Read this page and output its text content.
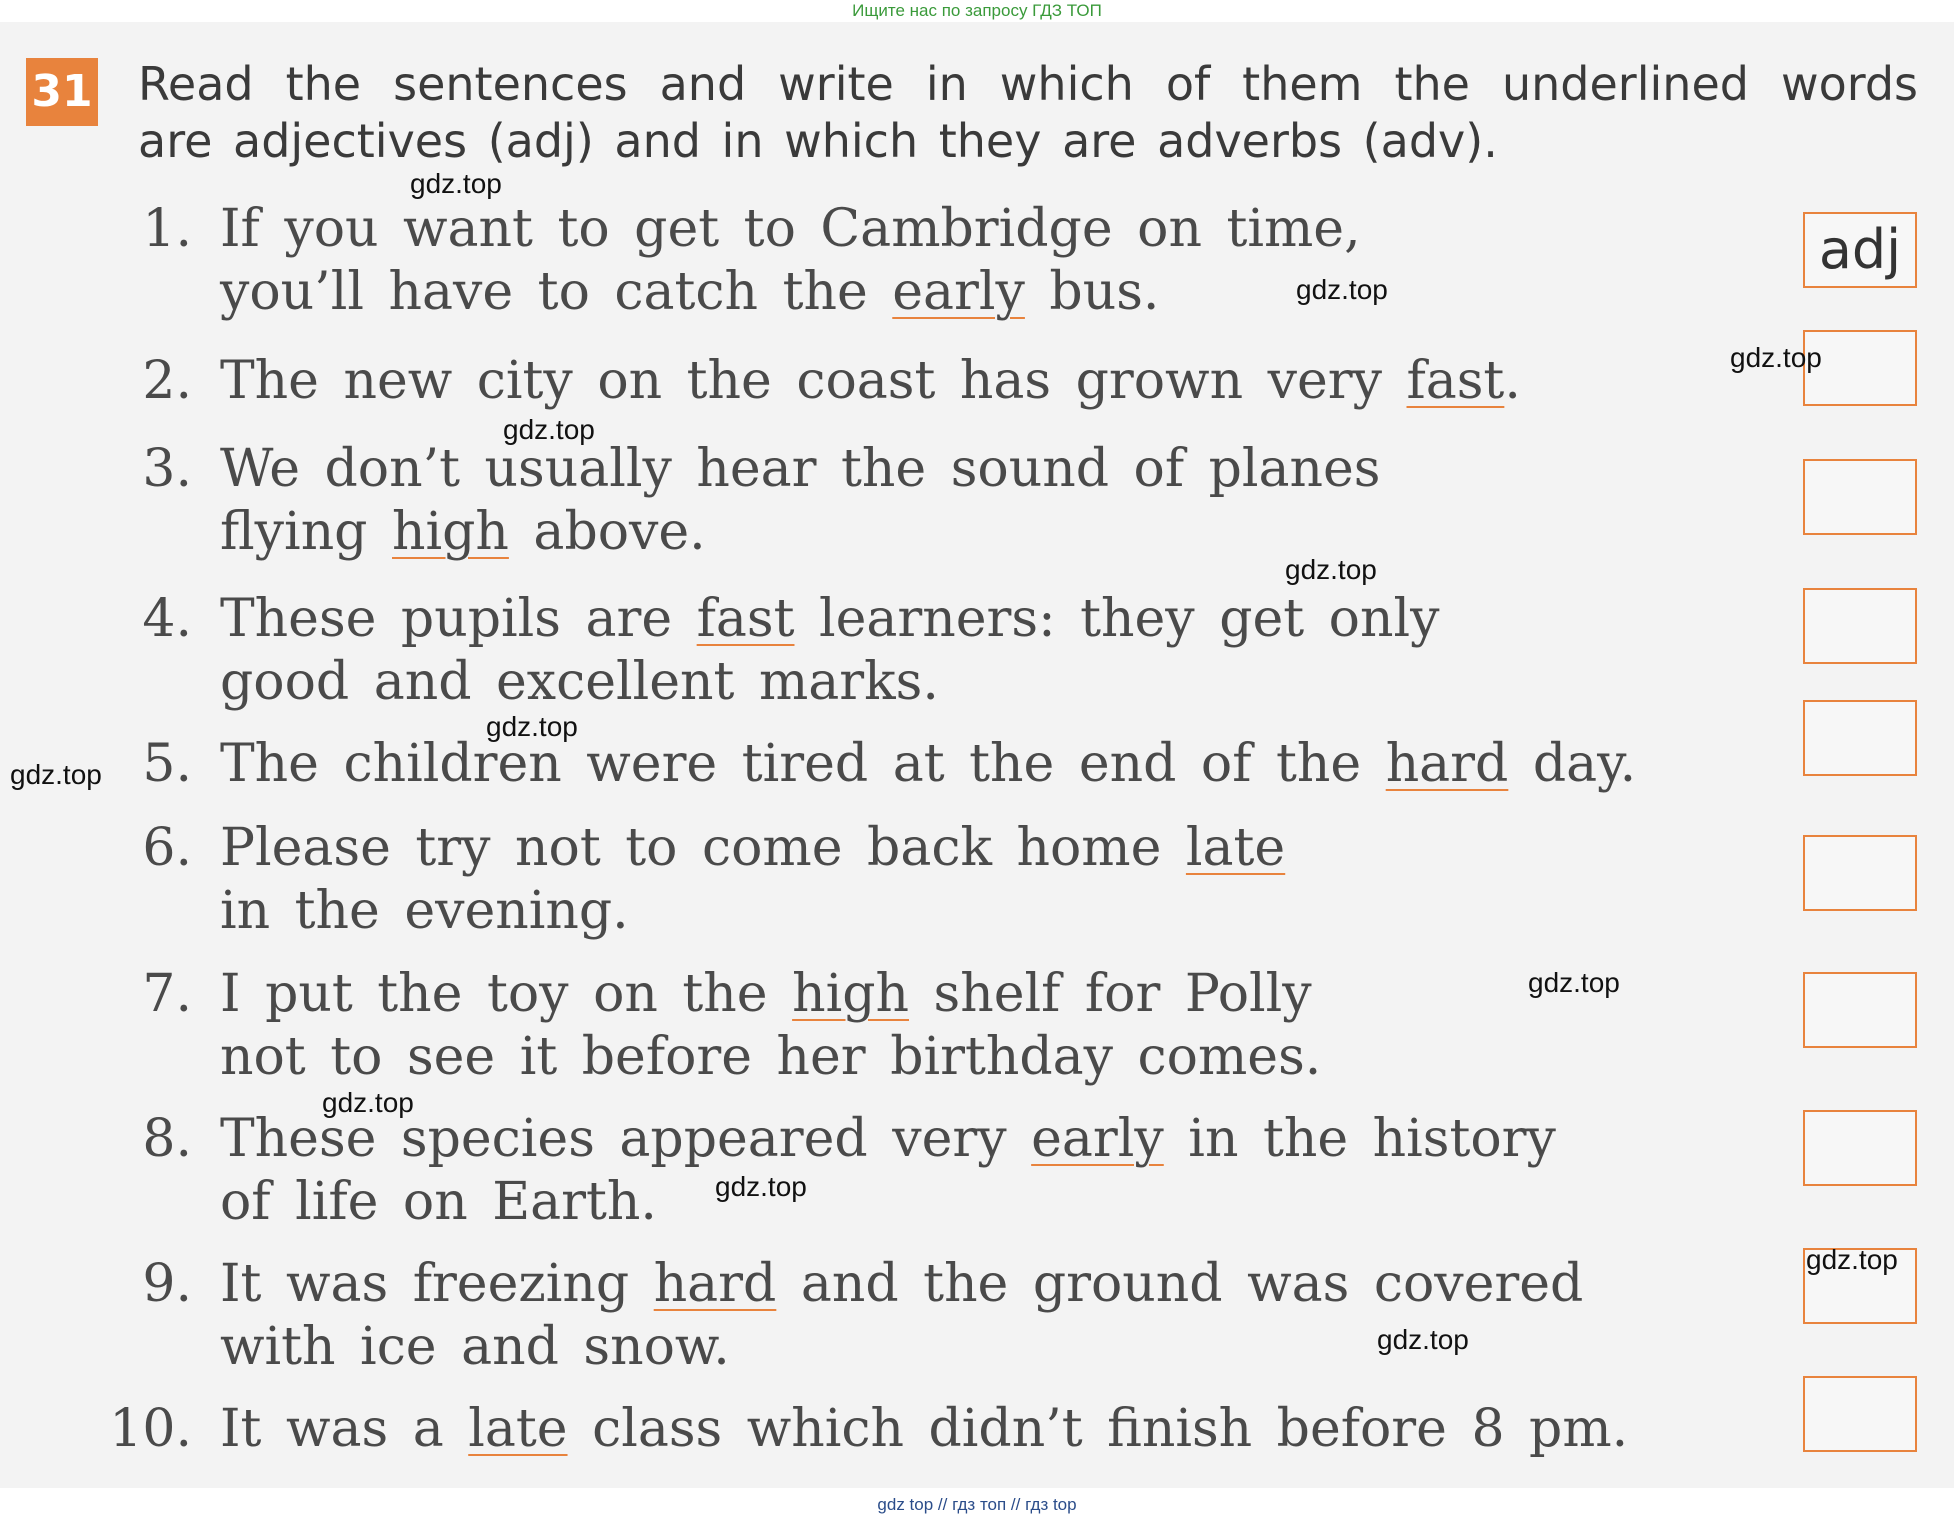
Ищите нас по запросу ГДЗ ТОП
31 Read the sentences and write in which of them the underlined words
are adjectives (adj) and in which they are adverbs (adv).
1. If you want to get to Cambridge on time,
you’ll have to catch the early bus.
2. The new city on the coast has grown very fast.
3. We don’t usually hear the sound of planes
flying high above.
4. These pupils are fast learners: they get only
good and excellent marks.
5. The children were tired at the end of the hard day.
6. Please try not to come back home late
in the evening.
7. I put the toy on the high shelf for Polly
not to see it before her birthday comes.
8. These species appeared very early in the history
of life on Earth.
9. It was freezing hard and the ground was covered
with ice and snow.
10. It was a late class which didn’t finish before 8 pm.
adj
gdz.top
gdz.top
gdz.top
gdz.top
gdz.top
gdz.top
gdz.top
gdz.top
gdz.top
gdz.top
gdz.top
gdz.top
gdz top // гдз топ // гдз top
